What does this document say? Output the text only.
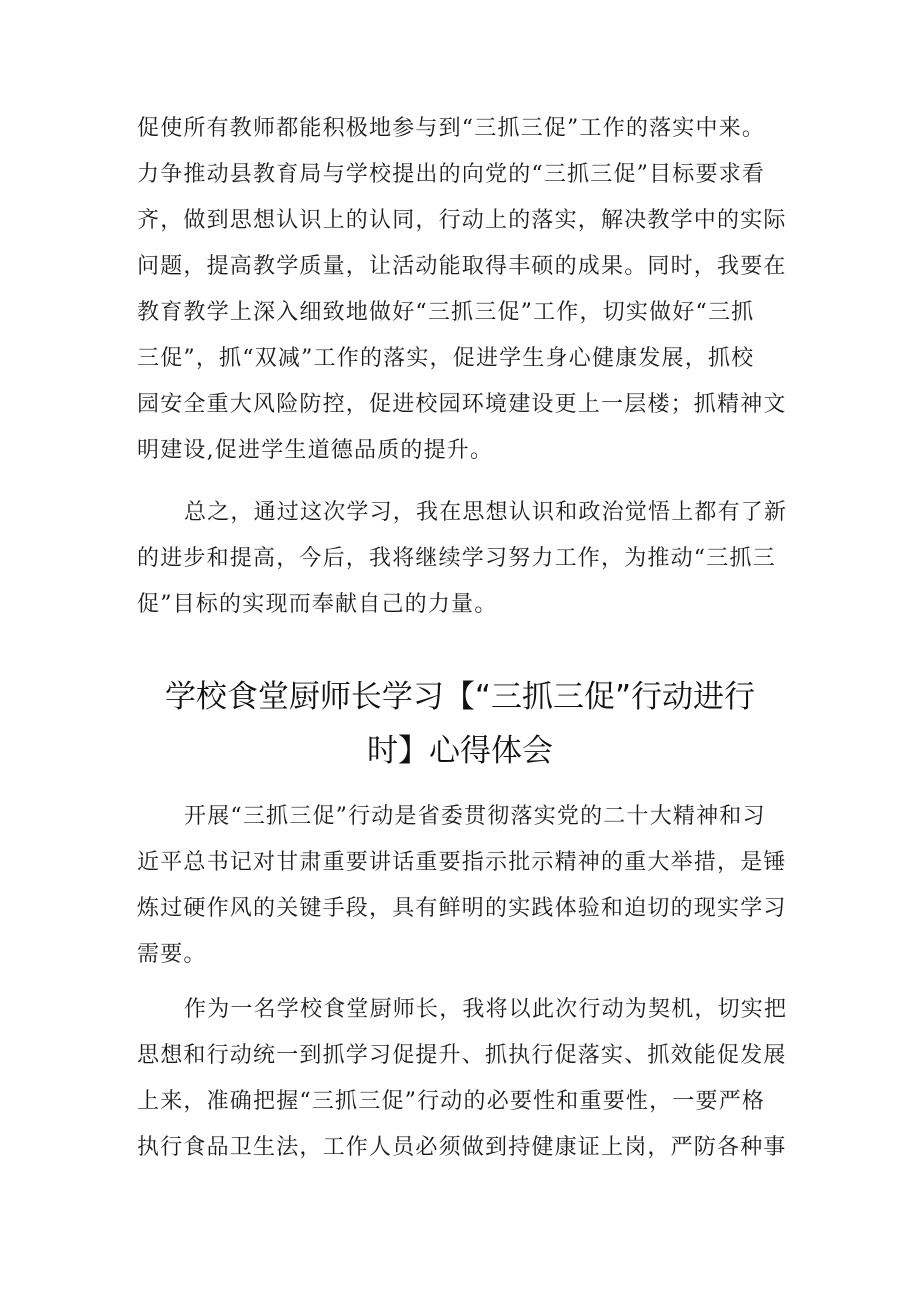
促使所有教师都能积极地参与到“三抓三促”工作的落实中来。
力争推动县教育局与学校提出的向党的“三抓三促”目标要求看
齐，做到思想认识上的认同，行动上的落实，解决教学中的实际
问题，提高教学质量，让活动能取得丰硕的成果。同时，我要在
教育教学上深入细致地做好“三抓三促”工作，切实做好“三抓
三促”，抓“双减”工作的落实，促进学生身心健康发展，抓校
园安全重大风险防控，促进校园环境建设更上一层楼；抓精神文
明建设,促进学生道德品质的提升。
总之，通过这次学习，我在思想认识和政治觉悟上都有了新
的进步和提高，今后，我将继续学习努力工作，为推动“三抓三
促”目标的实现而奉献自己的力量。
学校食堂厨师长学习【“三抓三促”行动进行
时】心得体会
开展“三抓三促”行动是省委贯彻落实党的二十大精神和习
近平总书记对甘肃重要讲话重要指示批示精神的重大举措，是锤
炼过硬作风的关键手段，具有鲜明的实践体验和迫切的现实学习
需要。
作为一名学校食堂厨师长，我将以此次行动为契机，切实把
思想和行动统一到抓学习促提升、抓执行促落实、抓效能促发展
上来，准确把握“三抓三促”行动的必要性和重要性，一要严格
执行食品卫生法，工作人员必须做到持健康证上岗，严防各种事
